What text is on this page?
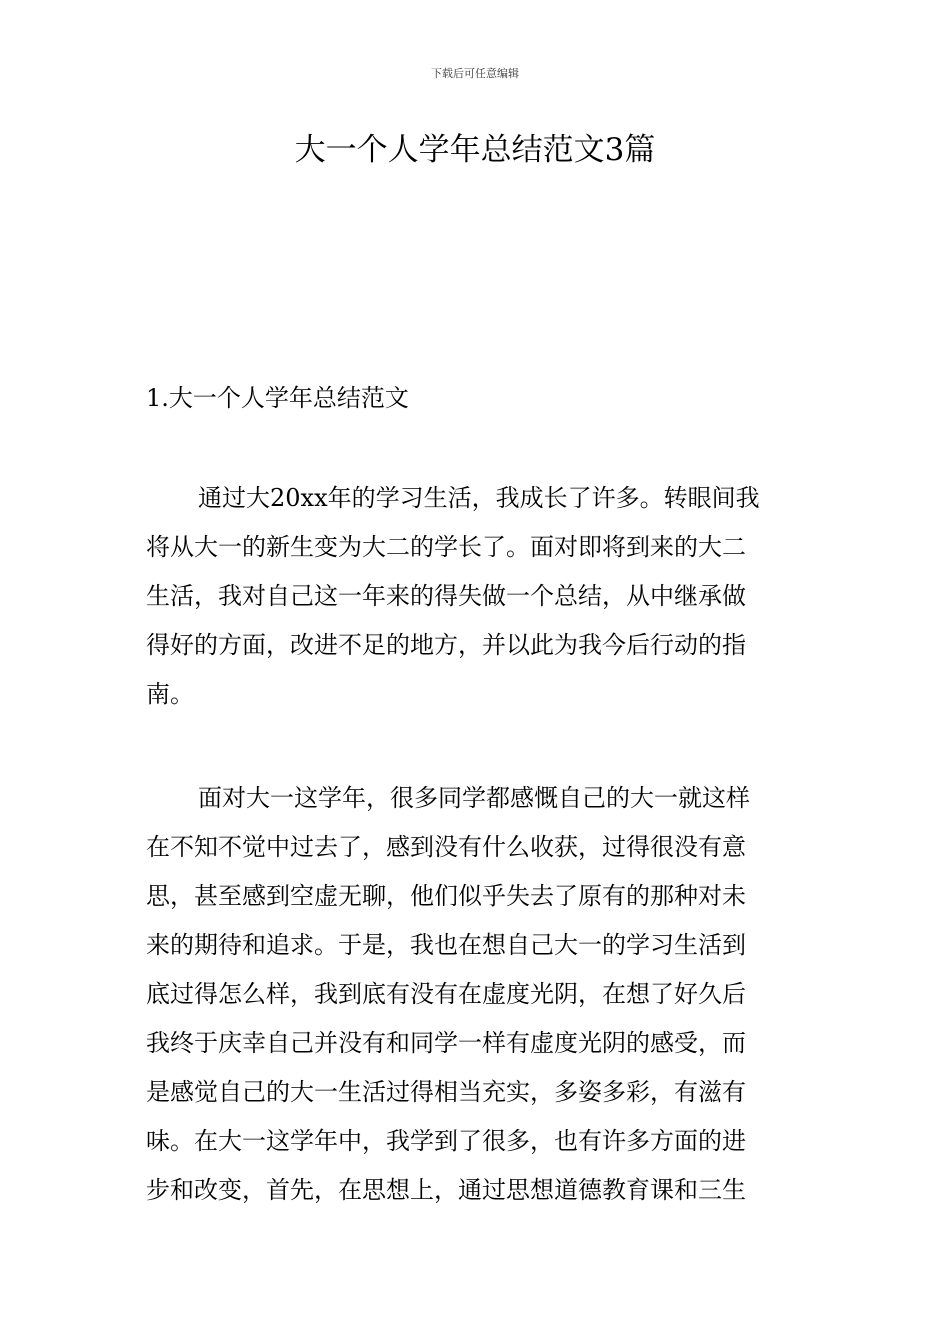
下载后可任意编辑
大一个人学年总结范文3篇
1.大一个人学年总结范文

通过大20xx年的学习生活，我成长了许多。转眼间我
将从大一的新生变为大二的学长了。面对即将到来的大二
生活，我对自己这一年来的得失做一个总结，从中继承做
得好的方面，改进不足的地方，并以此为我今后行动的指
南。

面对大一这学年，很多同学都感慨自己的大一就这样
在不知不觉中过去了，感到没有什么收获，过得很没有意
思，甚至感到空虚无聊，他们似乎失去了原有的那种对未
来的期待和追求。于是，我也在想自己大一的学习生活到
底过得怎么样，我到底有没有在虚度光阴，在想了好久后
我终于庆幸自己并没有和同学一样有虚度光阴的感受，而
是感觉自己的大一生活过得相当充实，多姿多彩，有滋有
味。在大一这学年中，我学到了很多，也有许多方面的进
步和改变，首先，在思想上，通过思想道德教育课和三生
